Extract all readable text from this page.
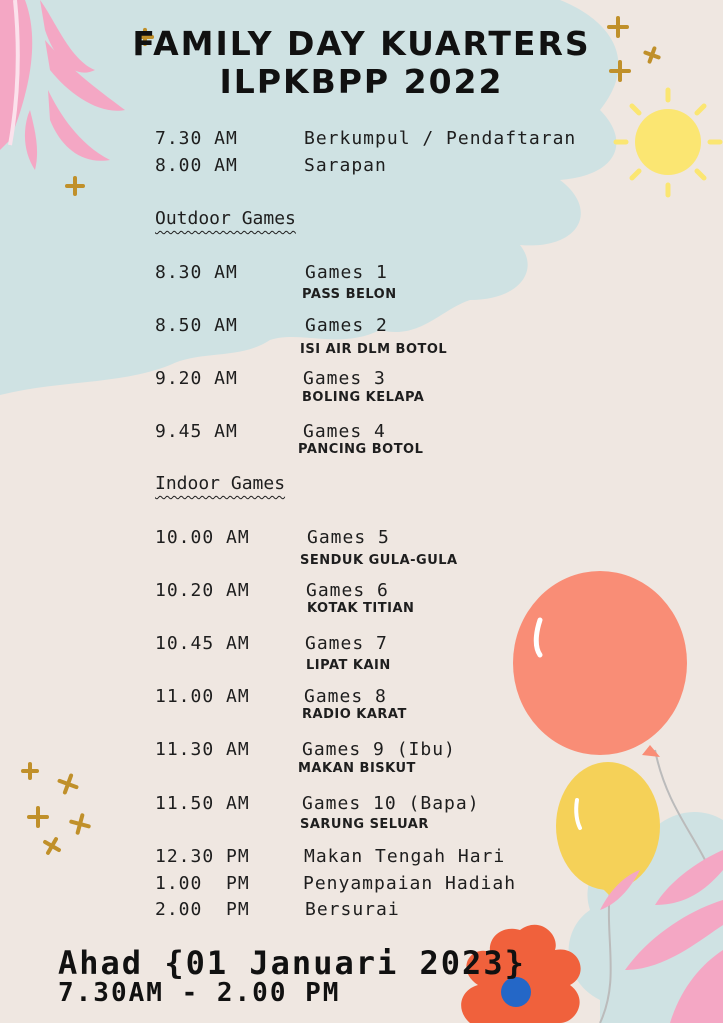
FAMILY DAY KUARTERS
ILPKBPP 2022
7.30 AM	Berkumpul / Pendaftaran
8.00 AM	Sarapan
Outdoor Games
8.30 AM	Games 1
PASS BELON
8.50 AM	Games 2
ISI AIR DLM BOTOL
9.20 AM	Games 3
BOLING KELAPA
9.45 AM	Games 4
PANCING BOTOL
Indoor Games
10.00 AM	Games 5
SENDUK GULA-GULA
10.20 AM	Games 6
KOTAK TITIAN
10.45 AM	Games 7
LIPAT KAIN
11.00 AM	Games 8
RADIO KARAT
11.30 AM	Games 9 (Ibu)
MAKAN BISKUT
11.50 AM	Games 10 (Bapa)
SARUNG SELUAR
12.30 PM	Makan Tengah Hari
1.00  PM	Penyampaian Hadiah
2.00  PM	Bersurai
Ahad {01 Januari 2023}
7.30AM - 2.00 PM
